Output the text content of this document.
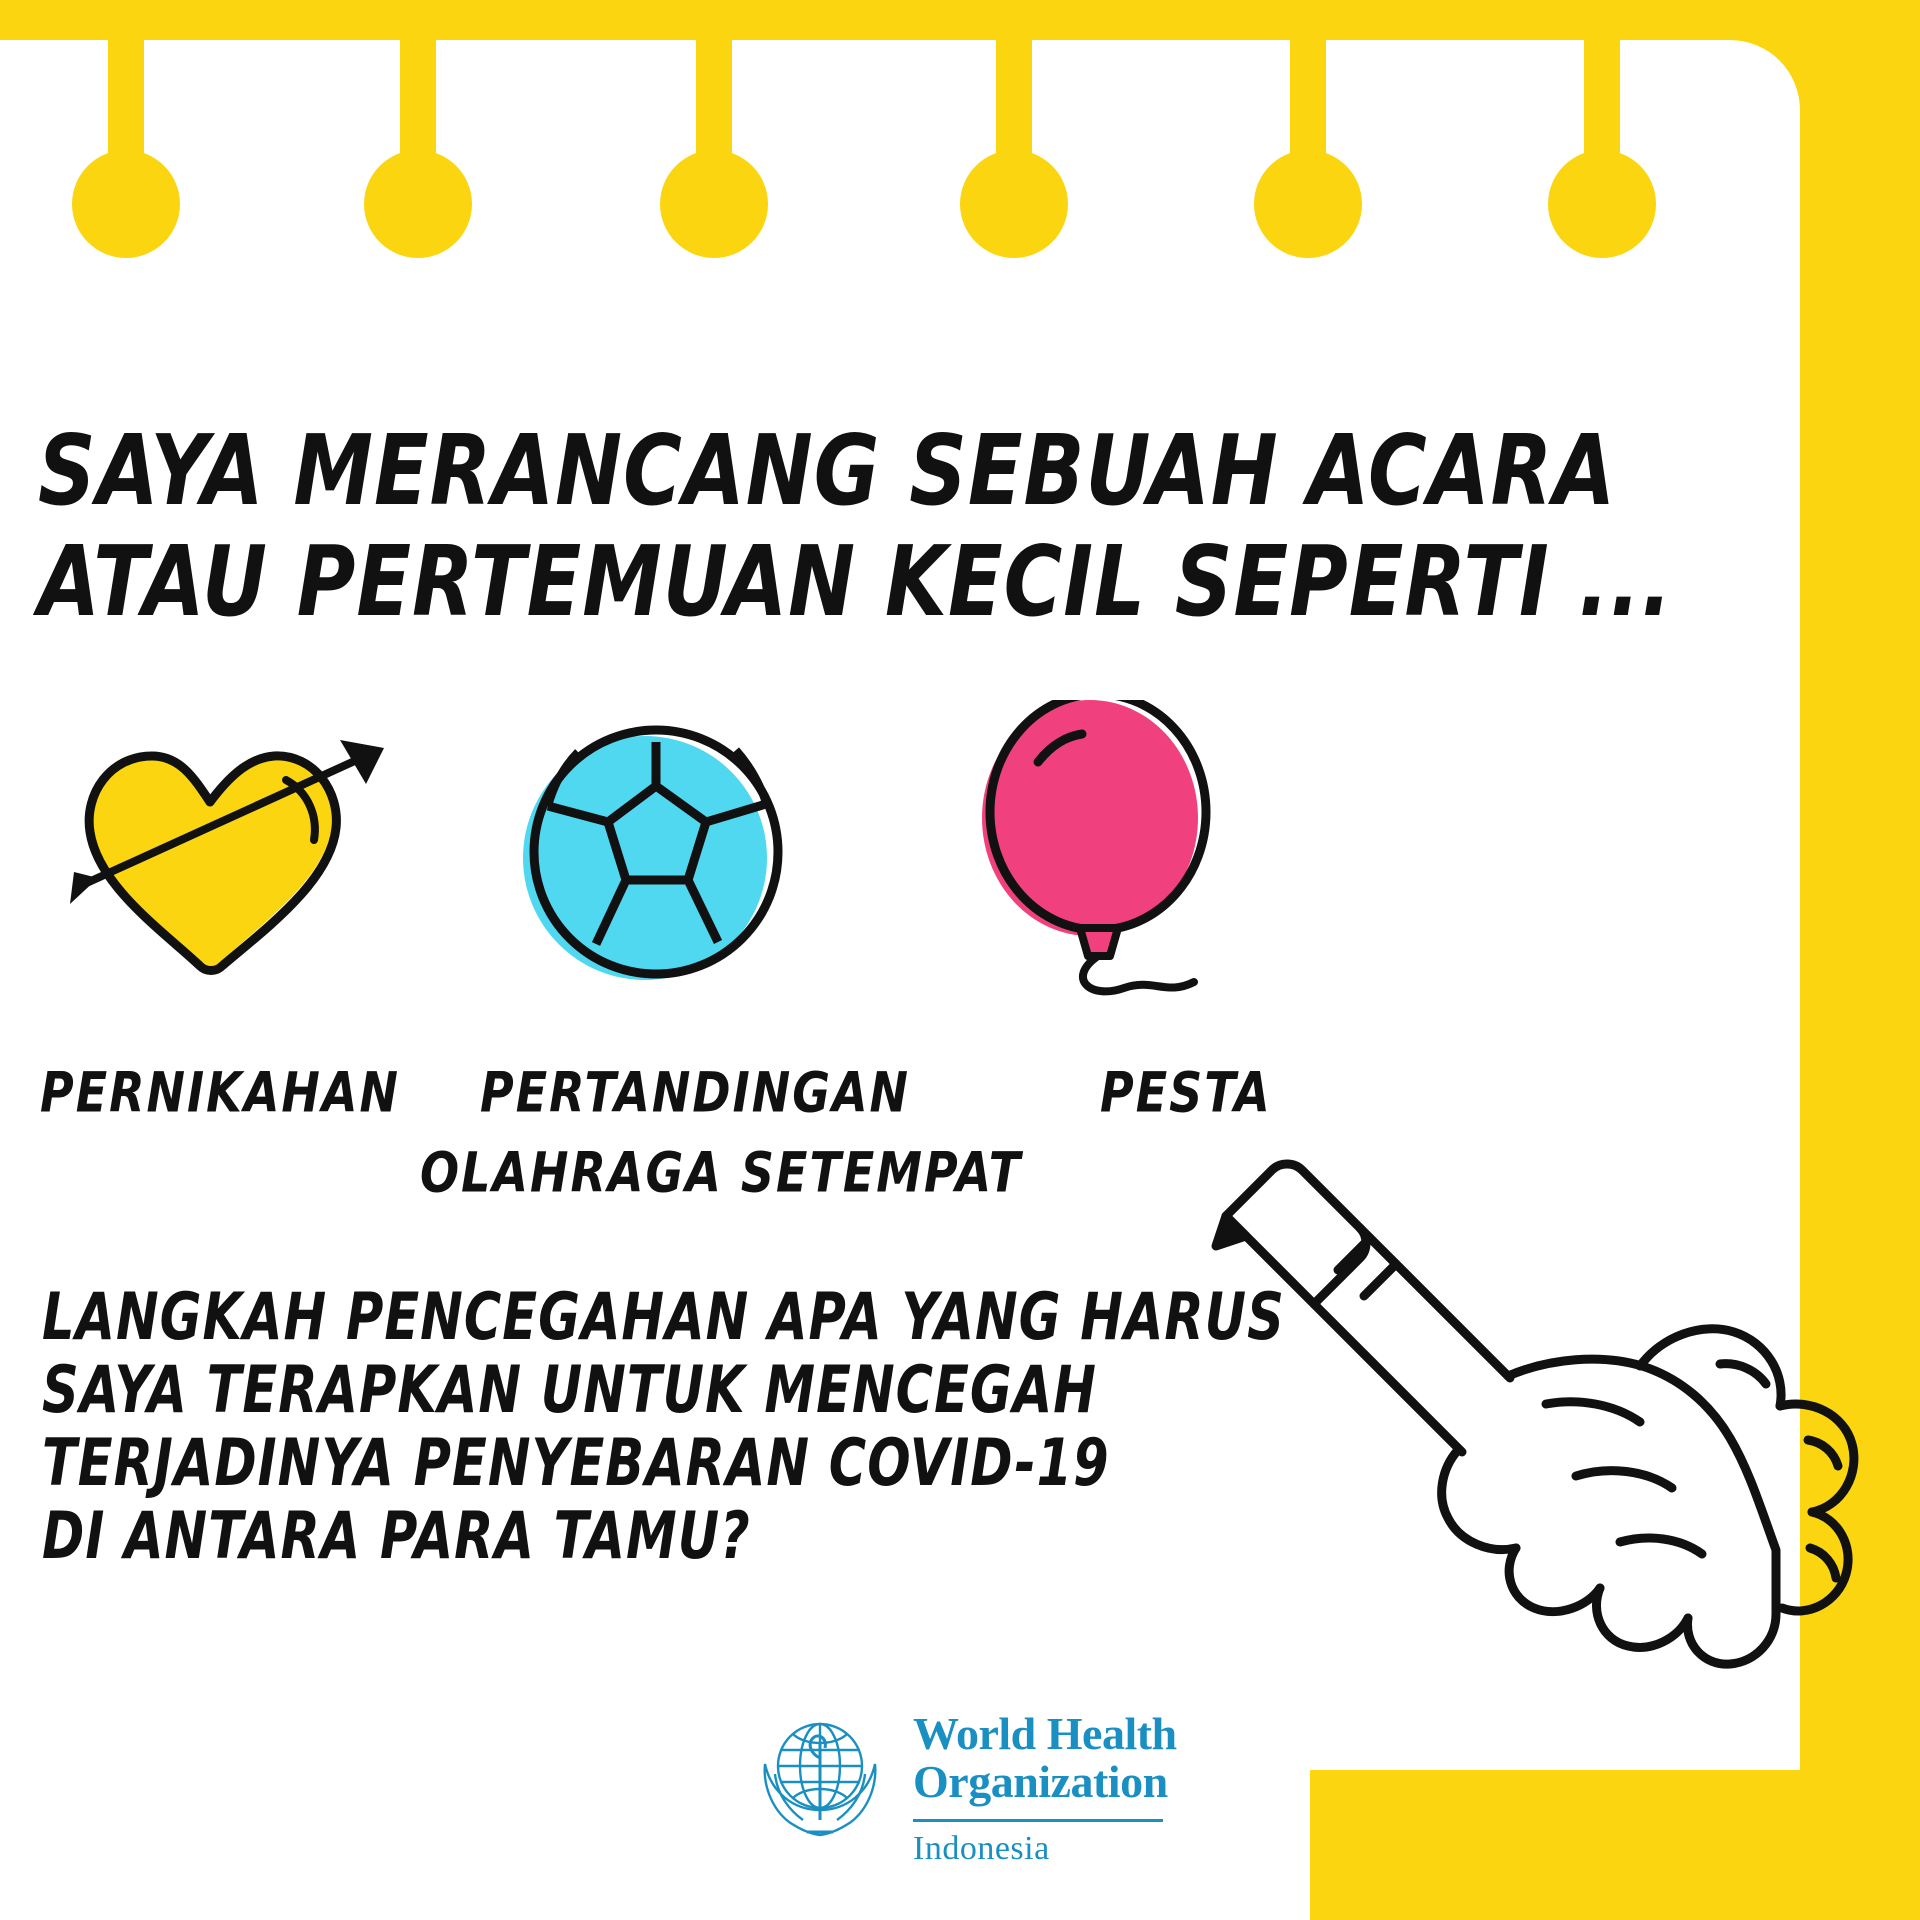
SAYA MERANCANG SEBUAH ACARA
ATAU PERTEMUAN KECIL SEPERTI ...
PERNIKAHAN PERTANDINGAN	PESTA
OLAHRAGA SETEMPAT
LANGKAH PENCEGAHAN APA YANG HARUS
SAYA TERAPKAN UNTUK MENCEGAH
TERJADINYA PENYEBARAN COVID-19
DI ANTARA PARA TAMU?
World Health
Organization
Indonesia
